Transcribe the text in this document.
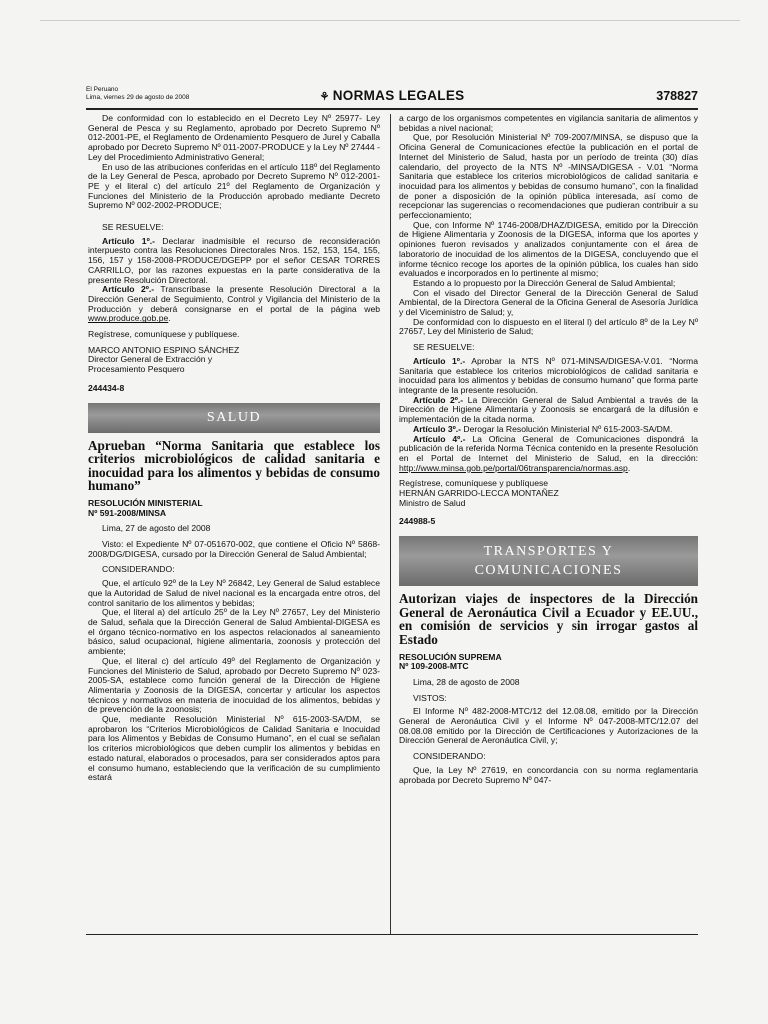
El Peruano
Lima, viernes 29 de agosto de 2008	⚘ NORMAS LEGALES	378827

De conformidad con lo establecido en el Decreto Ley Nº 25977- Ley General de Pesca y su Reglamento, aprobado por Decreto Supremo Nº 012-2001-PE, el Reglamento de Ordenamiento Pesquero de Jurel y Caballa aprobado por Decreto Supremo Nº 011-2007-PRODUCE y la Ley Nº 27444 - Ley del Procedimiento Administrativo General;

En uso de las atribuciones conferidas en el artículo 118º del Reglamento de la Ley General de Pesca, aprobado por Decreto Supremo Nº 012-2001-PE y el literal c) del artículo 21º del Reglamento de Organización y Funciones del Ministerio de la Producción aprobado mediante Decreto Supremo Nº 002-2002-PRODUCE;

SE RESUELVE:

Artículo 1º.- Declarar inadmisible el recurso de reconsideración interpuesto contra las Resoluciones Directorales Nros. 152, 153, 154, 155, 156, 157 y 158-2008-PRODUCE/DGEPP por el señor CESAR TORRES CARRILLO, por las razones expuestas en la parte considerativa de la presente Resolución Directoral.

Artículo 2º.- Transcríbase la presente Resolución Directoral a la Dirección General de Seguimiento, Control y Vigilancia del Ministerio de la Producción y deberá consignarse en el portal de la página web www.produce.gob.pe.

Regístrese, comuníquese y publíquese.

MARCO ANTONIO ESPINO SÁNCHEZ

Director General de Extracción y

Procesamiento Pesquero

244434-8

SALUD
Aprueban “Norma Sanitaria que establece los criterios microbiológicos de calidad sanitaria e inocuidad para los alimentos y bebidas de consumo humano”

RESOLUCIÓN MINISTERIAL

Nº 591-2008/MINSA

Lima, 27 de agosto del 2008

Visto: el Expediente Nº 07-051670-002, que contiene el Oficio Nº 5868-2008/DG/DIGESA, cursado por la Dirección General de Salud Ambiental;

CONSIDERANDO:

Que, el artículo 92º de la Ley Nº 26842, Ley General de Salud establece que la Autoridad de Salud de nivel nacional es la encargada entre otros, del control sanitario de los alimentos y bebidas;

Que, el literal a) del artículo 25º de la Ley Nº 27657, Ley del Ministerio de Salud, señala que la Dirección General de Salud Ambiental-DIGESA es el órgano técnico-normativo en los aspectos relacionados al saneamiento básico, salud ocupacional, higiene alimentaria, zoonosis y protección del ambiente;

Que, el literal c) del artículo 49º del Reglamento de Organización y Funciones del Ministerio de Salud, aprobado por Decreto Supremo Nº 023-2005-SA, establece como función general de la Dirección de Higiene Alimentaria y Zoonosis de la DIGESA, concertar y articular los aspectos técnicos y normativos en materia de inocuidad de los alimentos, bebidas y de prevención de la zoonosis;

Que, mediante Resolución Ministerial Nº 615-2003-SA/DM, se aprobaron los “Criterios Microbiológicos de Calidad Sanitaria e Inocuidad para los Alimentos y Bebidas de Consumo Humano”, en el cual se señalan los criterios microbiológicos que deben cumplir los alimentos y bebidas en estado natural, elaborados o procesados, para ser considerados aptos para el consumo humano, estableciendo que la verificación de su cumplimiento estará

a cargo de los organismos competentes en vigilancia sanitaria de alimentos y bebidas a nivel nacional;

Que, por Resolución Ministerial Nº 709-2007/MINSA, se dispuso que la Oficina General de Comunicaciones efectúe la publicación en el portal de Internet del Ministerio de Salud, hasta por un período de treinta (30) días calendario, del proyecto de la NTS Nº -MINSA/DIGESA - V.01 “Norma Sanitaria que establece los criterios microbiológicos de calidad sanitaria e inocuidad para los alimentos y bebidas de consumo humano”, con la finalidad de poner a disposición de la opinión pública interesada, así como de recepcionar las sugerencias o recomendaciones que pudieran contribuir a su perfeccionamiento;

Que, con Informe Nº 1746-2008/DHAZ/DIGESA, emitido por la Dirección de Higiene Alimentaria y Zoonosis de la DIGESA, informa que los aportes y opiniones fueron revisados y analizados conjuntamente con el área de laboratorio de inocuidad de los alimentos de la DIGESA, concluyendo que el informe técnico recoge los aportes de la opinión pública, los cuales han sido evaluados e incorporados en lo pertinente al mismo;

Estando a lo propuesto por la Dirección General de Salud Ambiental;

Con el visado del Director General de la Dirección General de Salud Ambiental, de la Directora General de la Oficina General de Asesoría Jurídica y del Viceministro de Salud; y,

De conformidad con lo dispuesto en el literal l) del artículo 8º de la Ley Nº 27657, Ley del Ministerio de Salud;

SE RESUELVE:

Artículo 1º.- Aprobar la NTS Nº 071-MINSA/DIGESA-V.01. “Norma Sanitaria que establece los criterios microbiológicos de calidad sanitaria e inocuidad para los alimentos y bebidas de consumo humano” que forma parte integrante de la presente resolución.

Artículo 2º.- La Dirección General de Salud Ambiental a través de la Dirección de Higiene Alimentaria y Zoonosis se encargará de la difusión e implementación de la citada norma.

Artículo 3º.- Derogar la Resolución Ministerial Nº 615-2003-SA/DM.

Artículo 4º.- La Oficina General de Comunicaciones dispondrá la publicación de la referida Norma Técnica contenido en la presente Resolución en el Portal de Internet del Ministerio de Salud, en la dirección: http://www.minsa.gob.pe/portal/06transparencia/normas.asp.

Regístrese, comuníquese y publíquese

HERNÁN GARRIDO-LECCA MONTAÑEZ

Ministro de Salud

244988-5

TRANSPORTES Y
COMUNICACIONES
Autorizan viajes de inspectores de la Dirección General de Aeronáutica Civil a Ecuador y EE.UU., en comisión de servicios y sin irrogar gastos al Estado

RESOLUCIÓN SUPREMA

Nº 109-2008-MTC

Lima, 28 de agosto de 2008

VISTOS:

El Informe Nº 482-2008-MTC/12 del 12.08.08, emitido por la Dirección General de Aeronáutica Civil y el Informe Nº 047-2008-MTC/12.07 del 08.08.08 emitido por la Dirección de Certificaciones y Autorizaciones de la Dirección General de Aeronáutica Civil, y;

CONSIDERANDO:

Que, la Ley Nº 27619, en concordancia con su norma reglamentaria aprobada por Decreto Supremo Nº 047-
